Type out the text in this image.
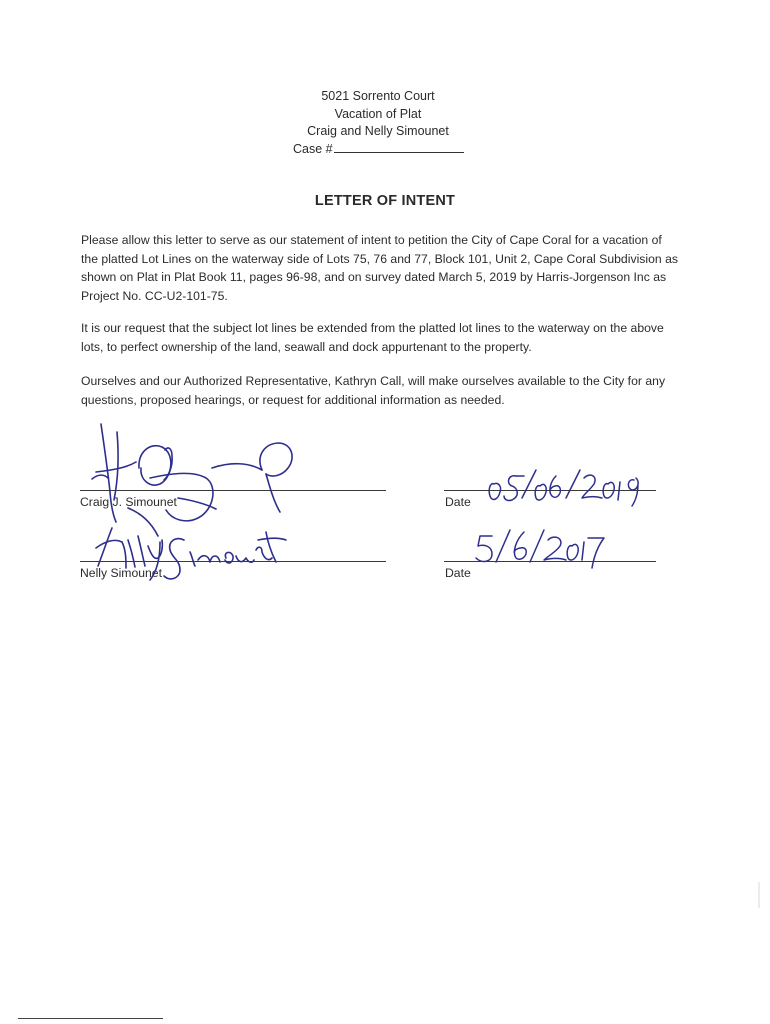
5021 Sorrento Court
Vacation of Plat
Craig and Nelly Simounet
Case #
LETTER OF INTENT

Please allow this letter to serve as our statement of intent to petition the City of Cape Coral for a vacation of the platted Lot Lines on the waterway side of Lots 75, 76 and 77, Block 101, Unit 2, Cape Coral Subdivision as shown on Plat in Plat Book 11, pages 96-98, and on survey dated March 5, 2019 by Harris-Jorgenson Inc as Project No. CC-U2-101-75.

It is our request that the subject lot lines be extended from the platted lot lines to the waterway on the above lots, to perfect ownership of the land, seawall and dock appurtenant to the property.

Ourselves and our Authorized Representative, Kathryn Call, will make ourselves available to the City for any questions, proposed hearings, or request for additional information as needed.

Craig J. Simounet	Date
Nelly Simounet	Date
